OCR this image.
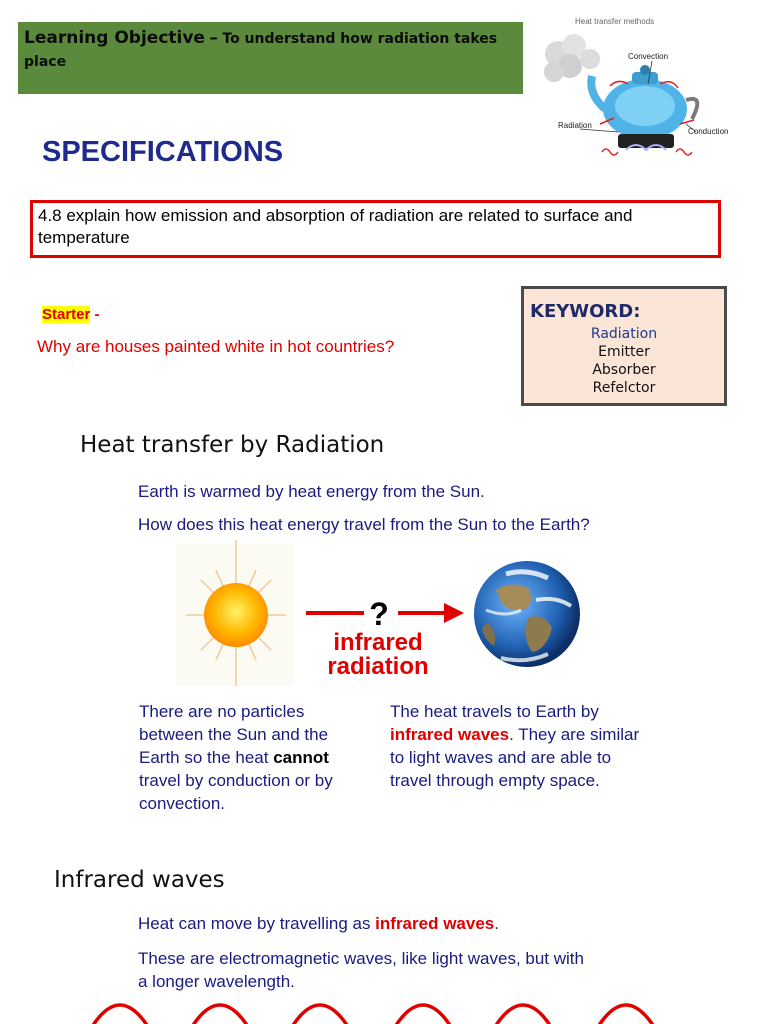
Learning Objective – To understand how radiation takes place
Heat transfer methods
Convection
Radiation
Conduction
SPECIFICATIONS
4.8 explain how emission and absorption of radiation are related to surface and temperature
Starter -
Why are houses painted white in hot countries?
KEYWORD:
Radiation
Emitter
Absorber
Refelctor
Heat transfer by Radiation
Earth is warmed by heat energy from the Sun.
How does this heat energy travel from the Sun to the Earth?
?
infrared
radiation
There are no particles between the Sun and the Earth so the heat cannot travel by conduction or by convection.
The heat travels to Earth by infrared waves. They are similar to light waves and are able to travel through empty space.
Infrared waves
Heat can move by travelling as infrared waves.
These are electromagnetic waves, like light waves, but with a longer wavelength.
